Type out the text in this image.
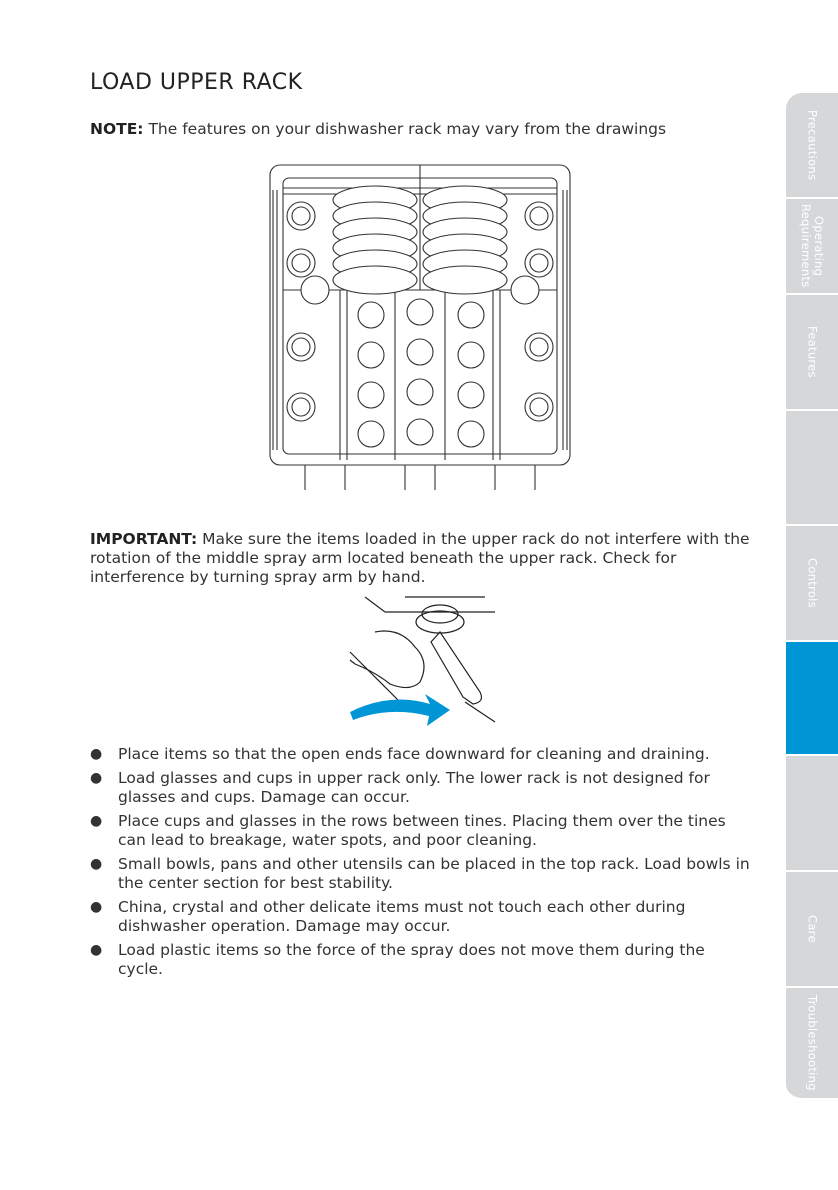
LOAD UPPER RACK
NOTE: The features on your dishwasher rack may vary from the drawings
IMPORTANT: Make sure the items loaded in the upper rack do not interfere with the rotation of the middle spray arm located beneath the upper rack. Check for interference by turning spray arm by hand.
● Place items so that the open ends face downward for cleaning and draining.
● Load glasses and cups in upper rack only. The lower rack is not designed for glasses and cups. Damage can occur.
● Place cups and glasses in the rows between tines. Placing them over the tines can lead to breakage, water spots, and poor cleaning.
● Small bowls, pans and other utensils can be placed in the top rack. Load bowls in the center section for best stability.
● China, crystal and other delicate items must not touch each other during dishwasher operation. Damage may occur.
● Load plastic items so the force of the spray does not move them during the cycle.
Precautions
Operating Requirements
Features
Controls
Care
Troubleshooting
